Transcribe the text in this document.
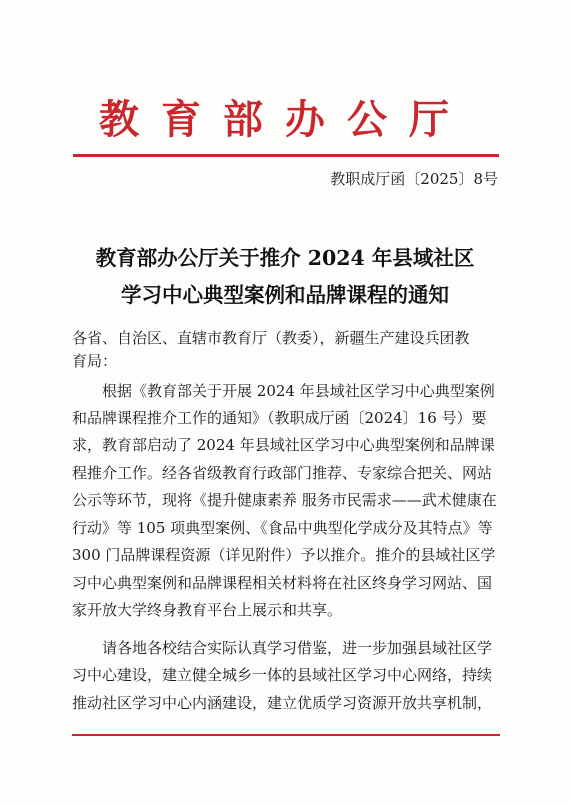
教育部办公厅
教职成厅函〔2025〕8号
教育部办公厅关于推介 2024 年县域社区
学习中心典型案例和品牌课程的通知
各省、自治区、直辖市教育厅（教委），新疆生产建设兵团教
育局：
根据《教育部关于开展 2024 年县域社区学习中心典型案例
和品牌课程推介工作的通知》（教职成厅函〔2024〕16 号）要
求，教育部启动了 2024 年县域社区学习中心典型案例和品牌课
程推介工作。经各省级教育行政部门推荐、专家综合把关、网站
公示等环节，现将《提升健康素养 服务市民需求——武术健康在
行动》等 105 项典型案例、《食品中典型化学成分及其特点》等
300 门品牌课程资源（详见附件）予以推介。推介的县域社区学
习中心典型案例和品牌课程相关材料将在社区终身学习网站、国
家开放大学终身教育平台上展示和共享。
请各地各校结合实际认真学习借鉴，进一步加强县域社区学
习中心建设，建立健全城乡一体的县域社区学习中心网络，持续
推动社区学习中心内涵建设，建立优质学习资源开放共享机制，
